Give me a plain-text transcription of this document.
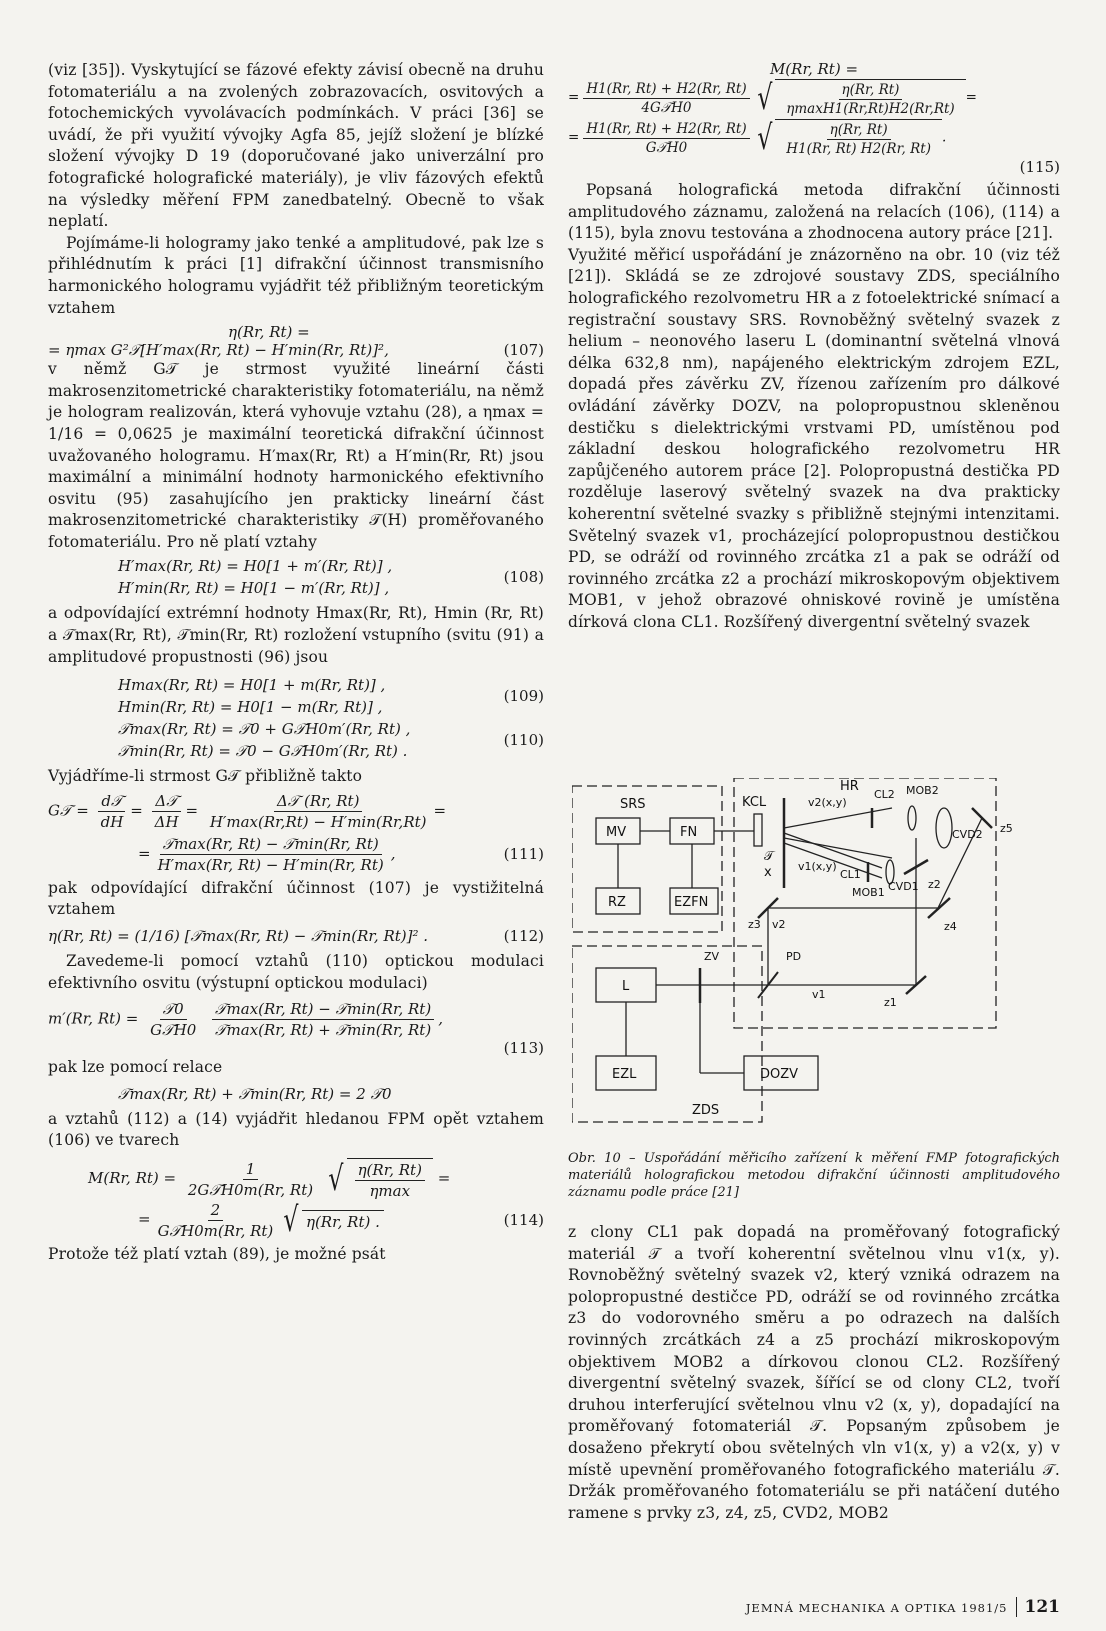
(viz [35]). Vyskytující se fázové efekty závisí obecně na druhu fotomateriálu a na zvolených zobrazovacích, osvitových a fotochemických vyvolávacích podmínkách. V práci [36] se uvádí, že při využití vývojky Agfa 85, jejíž složení je blízké složení vývojky D 19 (doporučované jako univerzální pro fotografické holografické materiály), je vliv fázových efektů na výsledky měření FPM zanedbatelný. Obecně to však neplatí.

Pojímáme-li hologramy jako tenké a amplitudové, pak lze s přihlédnutím k práci [1] difrakční účinnost transmisního harmonického hologramu vyjádřit též přibližným teoretickým vztahem

η(Rr, Rt) =
= ηmax G²𝒯[H′max(Rr, Rt) − H′min(Rr, Rt)]²,	(107)

v němž G𝒯 je strmost využité lineární části makrosenzitometrické charakteristiky fotomateriálu, na němž je hologram realizován, která vyhovuje vztahu (28), a ηmax = 1/16 = 0,0625 je maximální teoretická difrakční účinnost uvažovaného hologramu. H′max(Rr, Rt) a H′min(Rr, Rt) jsou maximální a minimální hodnoty harmonického efektivního osvitu (95) zasahujícího jen prakticky lineární část makrosenzitometrické charakteristiky 𝒯(H) proměřovaného fotomateriálu. Pro ně platí vztahy

H′max(Rr, Rt) = H0[1 + m′(Rr, Rt)] ,
H′min(Rr, Rt) = H0[1 − m′(Rr, Rt)] ,
(108)

a odpovídající extrémní hodnoty Hmax(Rr, Rt), Hmin (Rr, Rt) a 𝒯max(Rr, Rt), 𝒯min(Rr, Rt) rozložení vstupního (svitu (91) a amplitudové propustnosti (96) jsou

Hmax(Rr, Rt) = H0[1 + m(Rr, Rt)] ,
Hmin(Rr, Rt) = H0[1 − m(Rr, Rt)] ,
(109)
𝒯max(Rr, Rt) = 𝒯0 + G𝒯H0m′(Rr, Rt) ,
𝒯min(Rr, Rt) = 𝒯0 − G𝒯H0m′(Rr, Rt) .
(110)

Vyjádříme-li strmost G𝒯 přibližně takto

G𝒯 = $\frac{\text{d𝒯}}{dH} = \frac{\text{Δ𝒯}}{\Delta H} = \frac{\text{Δ𝒯 (Rr, Rt)}}{H'\max(Rr,Rt) - H'\min(Rr,Rt)}$ =
= $\frac{\text{𝒯max(Rr, Rt) − 𝒯min(Rr, Rt)}}{H'\max(Rr, Rt) - H'\min(Rr, Rt)}$ ,	(111)

pak odpovídající difrakční účinnost (107) je vystižitelná vztahem

η(Rr, Rt) = (1/16) [𝒯max(Rr, Rt) − 𝒯min(Rr, Rt)]² .	(112)

Zavedeme-li pomocí vztahů (110) optickou modulaci efektivního osvitu (výstupní optickou modulaci)

m′(Rr, $Rt) = \frac{\text{𝒯0}}{\text{G𝒯H0}}$
$\frac{\text{𝒯max(Rr, Rt) − 𝒯min(Rr, Rt)}}{\text{𝒯max(Rr, Rt) + 𝒯min(Rr, Rt)}}$ ,
(113)

pak lze pomocí relace

𝒯max(Rr, Rt) + 𝒯min(Rr, Rt) = 2 𝒯0

a vztahů (112) a (14) vyjádřit hledanou FPM opět vztahem (106) ve tvarech

M(Rr, $Rt) = \frac{1}{\text{2G𝒯H0m(Rr, Rt)}}$
√ $\frac{\eta(Rr, Rt)}{\eta\max}$ =
= $\frac{2}{\text{G𝒯H0m(Rr, Rt)}}$ √ η(Rr, Rt) .	(114)

Protože též platí vztah (89), je možné psát

M(Rr, Rt) =
= $\frac{H1(Rr, Rt) + H2(Rr, Rt)}{\text{4G𝒯H0}}$ √ $\frac{\eta(Rr, Rt)}{\eta\max H1(Rr,Rt)H2(Rr,Rt)}$ =
= $\frac{H1(Rr, Rt) + H2(Rr, Rt)}{\text{G𝒯H0}}$ √ $\frac{\eta(Rr, Rt)}{H1(Rr, Rt) H2(Rr, Rt)}$ .
(115)

Popsaná holografická metoda difrakční účinnosti amplitudového záznamu, založená na relacích (106), (114) a (115), byla znovu testována a zhodnocena autory práce [21].

Využité měřicí uspořádání je znázorněno na obr. 10 (viz též [21]). Skládá se ze zdrojové soustavy ZDS, speciálního holografického rezolvometru HR a z fotoelektrické snímací a registrační soustavy SRS. Rovnoběžný světelný svazek z helium – neonového laseru L (dominantní světelná vlnová délka 632,8 nm), napájeného elektrickým zdrojem EZL, dopadá přes závěrku ZV, řízenou zařízením pro dálkové ovládání závěrky DOZV, na polopropustnou skleněnou destičku s dielektrickými vrstvami PD, umístěnou pod základní deskou holografického rezolvometru HR zapůjčeného autorem práce [2]. Polopropustná destička PD rozděluje laserový světelný svazek na dva prakticky koherentní světelné svazky s přibližně stejnými intenzitami. Světelný svazek v1, procházející polopropustnou destičkou PD, se odráží od rovinného zrcátka z1 a pak se odráží od rovinného zrcátka z2 a prochází mikroskopovým objektivem MOB1, v jehož obrazové ohniskové rovině je umístěna dírková clona CL1. Rozšířený divergentní světelný svazek

SRS
MV	FN
RZ	EZFN
HR
KCL	v2(x,y)
CL2 MOB2
CVD2 z5
𝒯
x v1(x,y)
CL1
CVD1 z2
MOB1
z3 v2
PD
z4
ZV
L
v1
z1
EZL	DOZV
ZDS
Obr. 10 – Uspořádání měřicího zařízení k měření FMP fotografických materiálů holografickou metodou difrakční účinnosti amplitudového záznamu podle práce [21]

z clony CL1 pak dopadá na proměřovaný fotografický materiál 𝒯 a tvoří koherentní světelnou vlnu v1(x, y). Rovnoběžný světelný svazek v2, který vzniká odrazem na polopropustné destičce PD, odráží se od rovinného zrcátka z3 do vodorovného směru a po odrazech na dalších rovinných zrcátkách z4 a z5 prochází mikroskopovým objektivem MOB2 a dírkovou clonou CL2. Rozšířený divergentní světelný svazek, šířící se od clony CL2, tvoří druhou interferující světelnou vlnu v2 (x, y), dopadající na proměřovaný fotomateriál 𝒯. Popsaným způsobem je dosaženo překrytí obou světelných vln v1(x, y) a v2(x, y) v místě upevnění proměřovaného fotografického materiálu 𝒯. Držák proměřovaného fotomateriálu se při natáčení dutého ramene s prvky z3, z4, z5, CVD2, MOB2

JEMNÁ MECHANIKA A OPTIKA 1981/5 121
